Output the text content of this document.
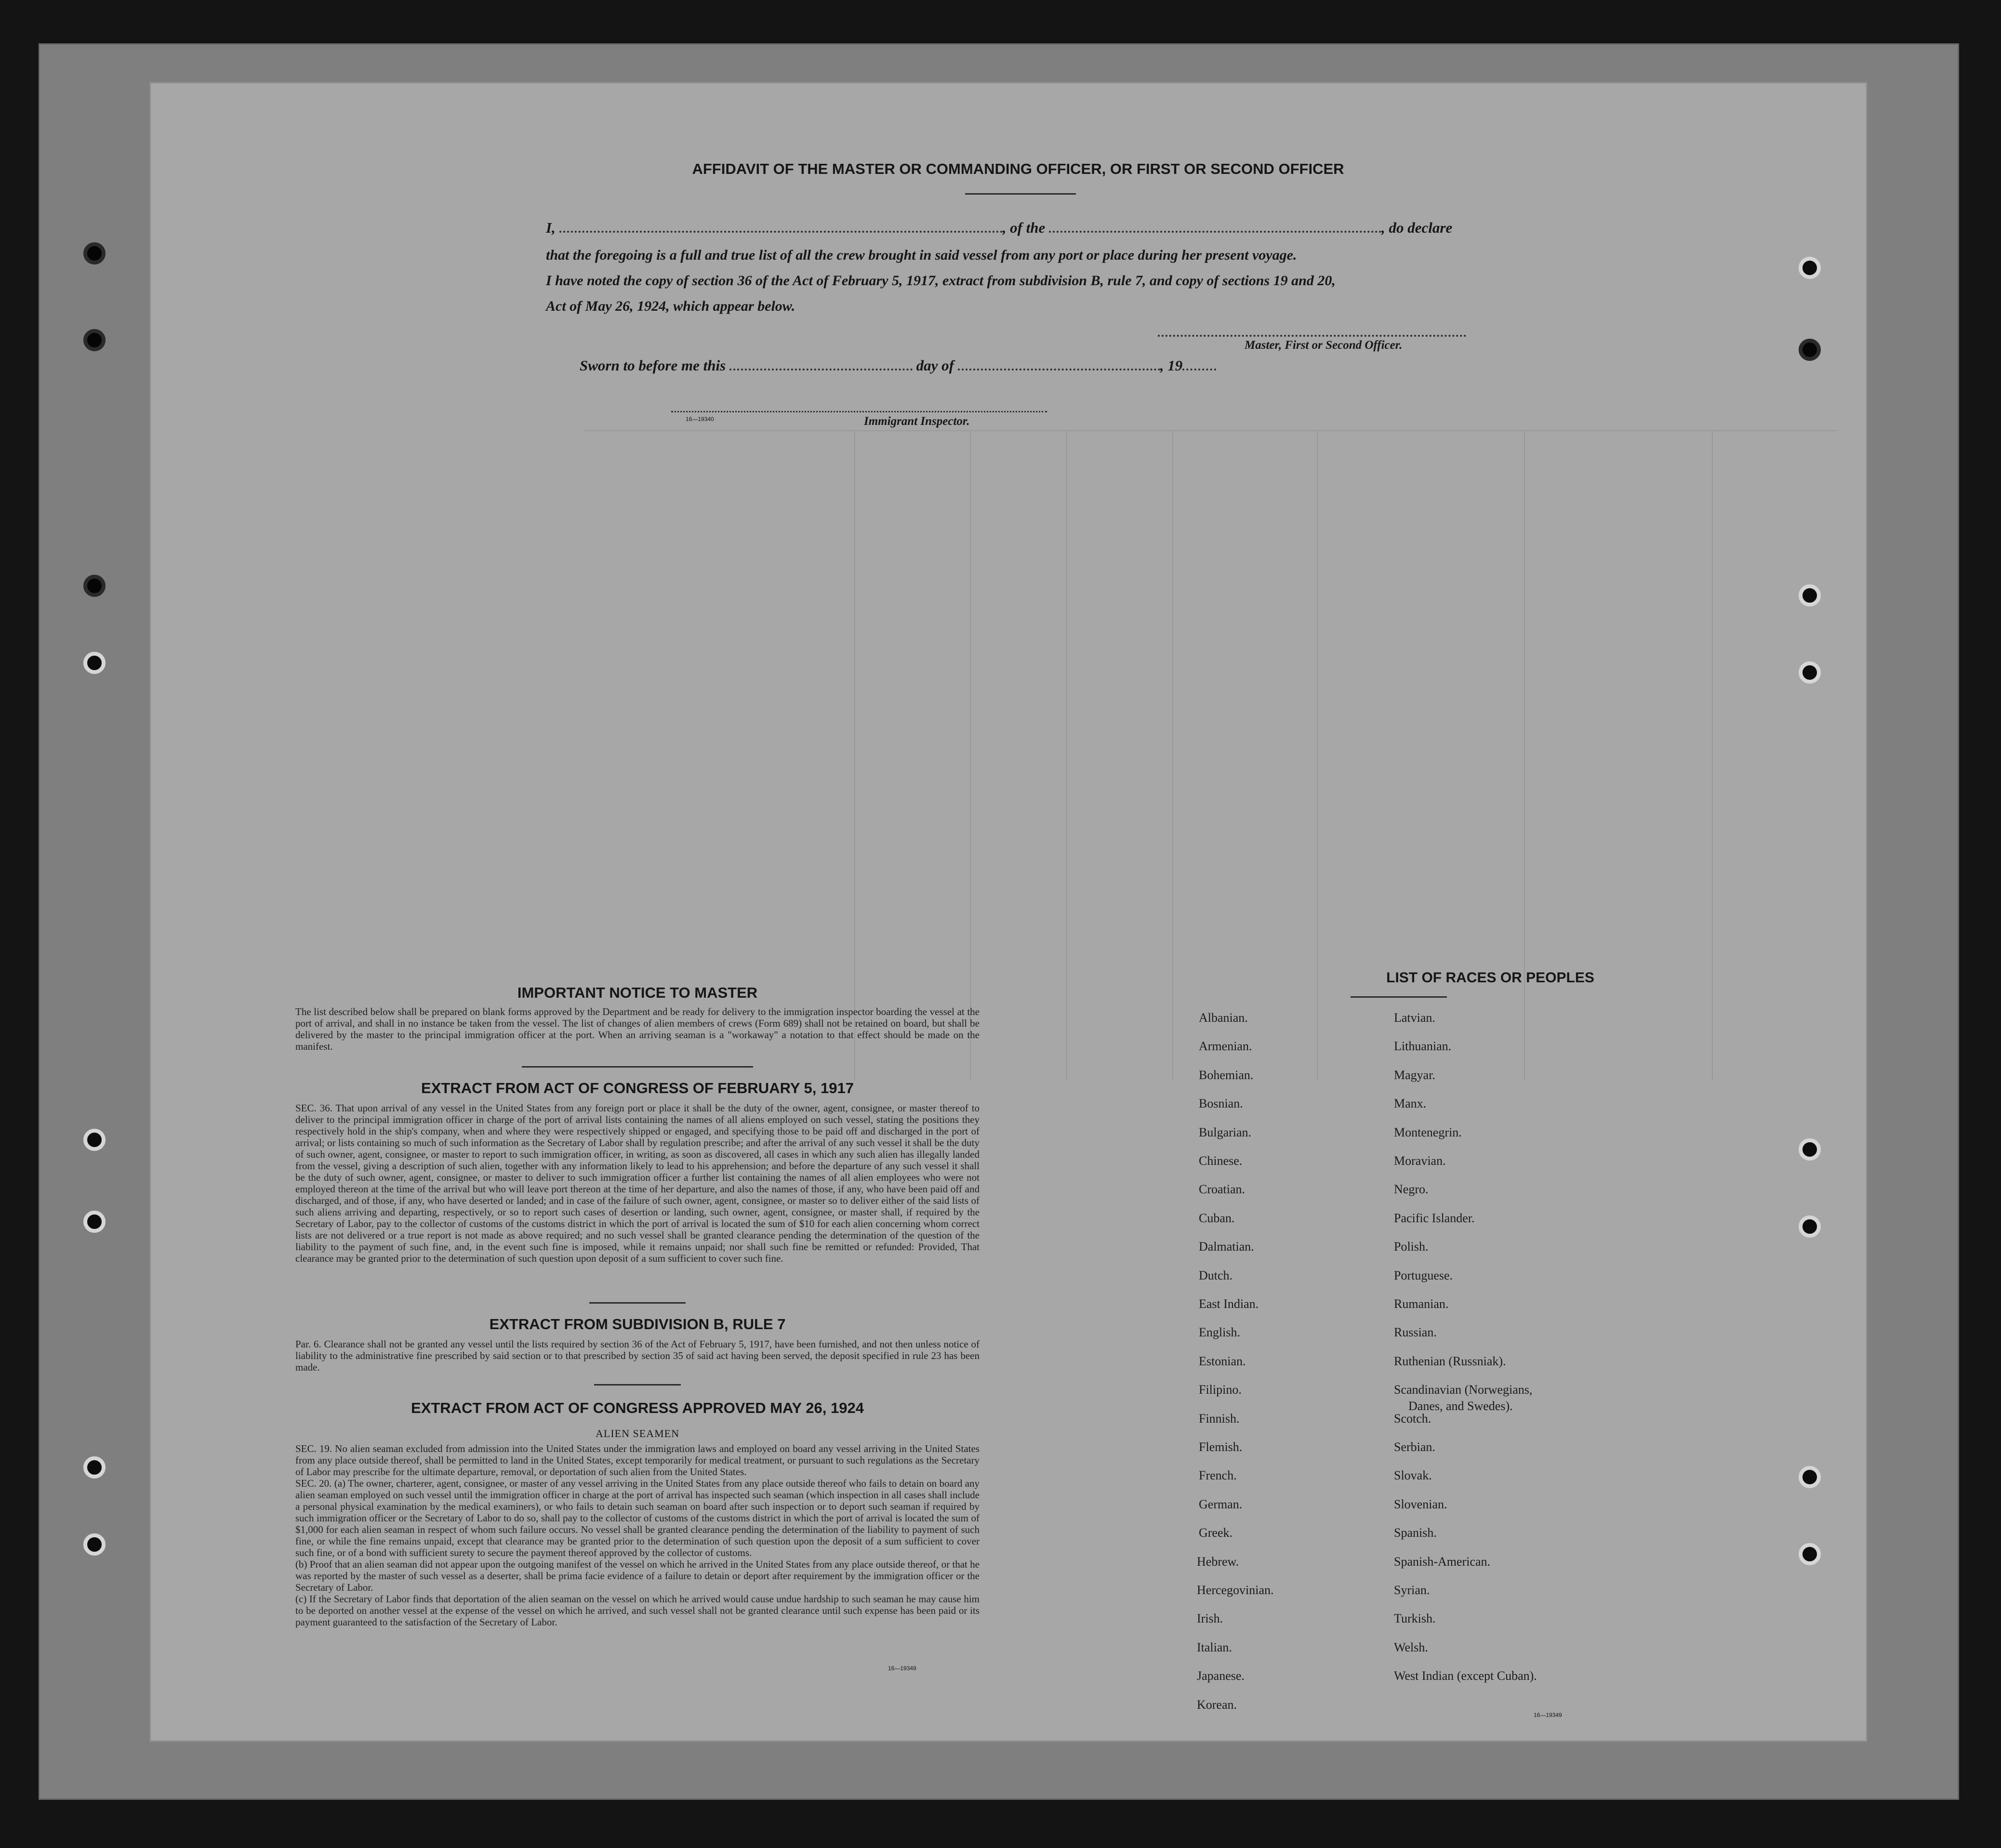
AFFIDAVIT OF THE MASTER OR COMMANDING OFFICER, OR FIRST OR SECOND OFFICER
I,	, of the	, do declare
that the foregoing is a full and true list of all the crew brought in said vessel from any port or place during her present voyage.
I have noted the copy of section 36 of the Act of February 5, 1917, extract from subdivision B, rule 7, and copy of sections 19 and 20,
Act of May 26, 1924, which appear below.
Master, First or Second Officer.
Sworn to before me this	day of	, 19
16—19340	Immigrant Inspector.
IMPORTANT NOTICE TO MASTER
The list described below shall be prepared on blank forms approved by the Department and be ready for delivery to the immigration inspector boarding the vessel at the port of arrival, and shall in no instance be taken from the vessel. The list of changes of alien members of crews (Form 689) shall not be retained on board, but shall be delivered by the master to the principal immigration officer at the port. When an arriving seaman is a "workaway" a notation to that effect should be made on the manifest.
EXTRACT FROM ACT OF CONGRESS OF FEBRUARY 5, 1917
SEC. 36. That upon arrival of any vessel in the United States from any foreign port or place it shall be the duty of the owner, agent, consignee, or master thereof to deliver to the principal immigration officer in charge of the port of arrival lists containing the names of all aliens employed on such vessel, stating the positions they respectively hold in the ship's company, when and where they were respectively shipped or engaged, and specifying those to be paid off and discharged in the port of arrival; or lists containing so much of such information as the Secretary of Labor shall by regulation prescribe; and after the arrival of any such vessel it shall be the duty of such owner, agent, consignee, or master to report to such immigration officer, in writing, as soon as discovered, all cases in which any such alien has illegally landed from the vessel, giving a description of such alien, together with any information likely to lead to his apprehension; and before the departure of any such vessel it shall be the duty of such owner, agent, consignee, or master to deliver to such immigration officer a further list containing the names of all alien employees who were not employed thereon at the time of the arrival but who will leave port thereon at the time of her departure, and also the names of those, if any, who have been paid off and discharged, and of those, if any, who have deserted or landed; and in case of the failure of such owner, agent, consignee, or master so to deliver either of the said lists of such aliens arriving and departing, respectively, or so to report such cases of desertion or landing, such owner, agent, consignee, or master shall, if required by the Secretary of Labor, pay to the collector of customs of the customs district in which the port of arrival is located the sum of $10 for each alien concerning whom correct lists are not delivered or a true report is not made as above required; and no such vessel shall be granted clearance pending the determination of the question of the liability to the payment of such fine, and, in the event such fine is imposed, while it remains unpaid; nor shall such fine be remitted or refunded: Provided, That clearance may be granted prior to the determination of such question upon deposit of a sum sufficient to cover such fine.
EXTRACT FROM SUBDIVISION B, RULE 7
Par. 6. Clearance shall not be granted any vessel until the lists required by section 36 of the Act of February 5, 1917, have been furnished, and not then unless notice of liability to the administrative fine prescribed by said section or to that prescribed by section 35 of said act having been served, the deposit specified in rule 23 has been made.
EXTRACT FROM ACT OF CONGRESS APPROVED MAY 26, 1924
ALIEN SEAMEN
SEC. 19. No alien seaman excluded from admission into the United States under the immigration laws and employed on board any vessel arriving in the United States from any place outside thereof, shall be permitted to land in the United States, except temporarily for medical treatment, or pursuant to such regulations as the Secretary of Labor may prescribe for the ultimate departure, removal, or deportation of such alien from the United States.
SEC. 20. (a) The owner, charterer, agent, consignee, or master of any vessel arriving in the United States from any place outside thereof who fails to detain on board any alien seaman employed on such vessel until the immigration officer in charge at the port of arrival has inspected such seaman (which inspection in all cases shall include a personal physical examination by the medical examiners), or who fails to detain such seaman on board after such inspection or to deport such seaman if required by such immigration officer or the Secretary of Labor to do so, shall pay to the collector of customs of the customs district in which the port of arrival is located the sum of $1,000 for each alien seaman in respect of whom such failure occurs. No vessel shall be granted clearance pending the determination of the liability to payment of such fine, or while the fine remains unpaid, except that clearance may be granted prior to the determination of such question upon the deposit of a sum sufficient to cover such fine, or of a bond with sufficient surety to secure the payment thereof approved by the collector of customs.
(b) Proof that an alien seaman did not appear upon the outgoing manifest of the vessel on which he arrived in the United States from any place outside thereof, or that he was reported by the master of such vessel as a deserter, shall be prima facie evidence of a failure to detain or deport after requirement by the immigration officer or the Secretary of Labor.
(c) If the Secretary of Labor finds that deportation of the alien seaman on the vessel on which he arrived would cause undue hardship to such seaman he may cause him to be deported on another vessel at the expense of the vessel on which he arrived, and such vessel shall not be granted clearance until such expense has been paid or its payment guaranteed to the satisfaction of the Secretary of Labor.
16—19349
LIST OF RACES OR PEOPLES
Albanian.
Armenian.
Bohemian.
Bosnian.
Bulgarian.
Chinese.
Croatian.
Cuban.
Dalmatian.
Dutch.
East Indian.
English.
Estonian.
Filipino.
Finnish.
Flemish.
French.
German.
Greek.
Hebrew.
Hercegovinian.
Irish.
Italian.
Japanese.
Korean.
Latvian.
Lithuanian.
Magyar.
Manx.
Montenegrin.
Moravian.
Negro.
Pacific Islander.
Polish.
Portuguese.
Rumanian.
Russian.
Ruthenian (Russniak).
Scandinavian (Norwegians,
Danes, and Swedes).
Scotch.
Serbian.
Slovak.
Slovenian.
Spanish.
Spanish-American.
Syrian.
Turkish.
Welsh.
West Indian (except Cuban).
16—19349
